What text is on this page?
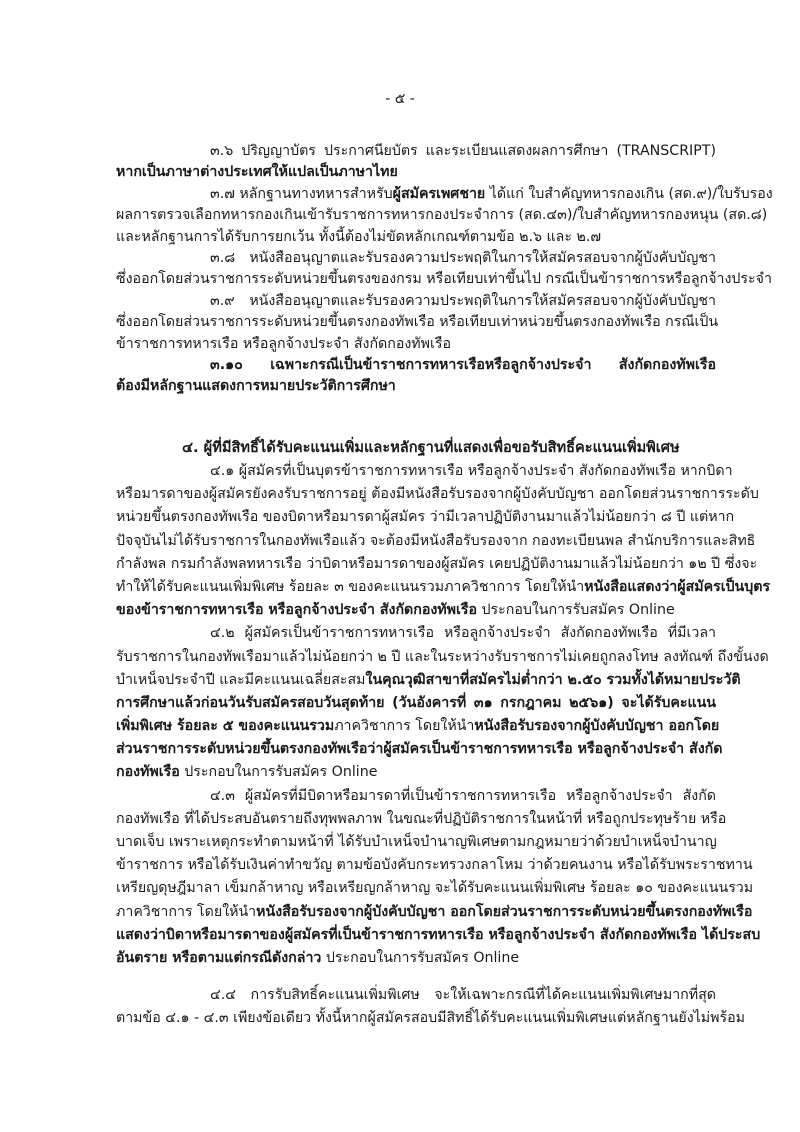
- ๕ -
๓.๖ ปริญญาบัตร ประกาศนียบัตร และระเบียนแสดงผลการศึกษา (TRANSCRIPT)
หากเป็นภาษาต่างประเทศให้แปลเป็นภาษาไทย
๓.๗ หลักฐานทางทหารสำหรับผู้สมัครเพศชาย ได้แก่ ใบสำคัญทหารกองเกิน (สด.๙)/ใบรับรอง
ผลการตรวจเลือกทหารกองเกินเข้ารับราชการทหารกองประจำการ (สด.๔๓)/ใบสำคัญทหารกองหนุน (สด.๘)
และหลักฐานการได้รับการยกเว้น ทั้งนี้ต้องไม่ขัดหลักเกณฑ์ตามข้อ ๒.๖ และ ๒.๗
๓.๘ หนังสืออนุญาตและรับรองความประพฤติในการให้สมัครสอบจากผู้บังคับบัญชา
ซึ่งออกโดยส่วนราชการระดับหน่วยขึ้นตรงของกรม หรือเทียบเท่าขึ้นไป กรณีเป็นข้าราชการหรือลูกจ้างประจำ
๓.๙ หนังสืออนุญาตและรับรองความประพฤติในการให้สมัครสอบจากผู้บังคับบัญชา
ซึ่งออกโดยส่วนราชการระดับหน่วยขึ้นตรงกองทัพเรือ หรือเทียบเท่าหน่วยขึ้นตรงกองทัพเรือ กรณีเป็น
ข้าราชการทหารเรือ หรือลูกจ้างประจำ สังกัดกองทัพเรือ
๓.๑๐ เฉพาะกรณีเป็นข้าราชการทหารเรือหรือลูกจ้างประจำ สังกัดกองทัพเรือ
ต้องมีหลักฐานแสดงการหมายประวัติการศึกษา
๔. ผู้ที่มีสิทธิ์ได้รับคะแนนเพิ่มและหลักฐานที่แสดงเพื่อขอรับสิทธิ์คะแนนเพิ่มพิเศษ
๔.๑ ผู้สมัครที่เป็นบุตรข้าราชการทหารเรือ หรือลูกจ้างประจำ สังกัดกองทัพเรือ หากบิดา
หรือมารดาของผู้สมัครยังคงรับราชการอยู่ ต้องมีหนังสือรับรองจากผู้บังคับบัญชา ออกโดยส่วนราชการระดับ
หน่วยขึ้นตรงกองทัพเรือ ของบิดาหรือมารดาผู้สมัคร ว่ามีเวลาปฏิบัติงานมาแล้วไม่น้อยกว่า ๘ ปี แต่หาก
ปัจจุบันไม่ได้รับราชการในกองทัพเรือแล้ว จะต้องมีหนังสือรับรองจาก กองทะเบียนพล สำนักบริการและสิทธิ
กำลังพล กรมกำลังพลทหารเรือ ว่าบิดาหรือมารดาของผู้สมัคร เคยปฏิบัติงานมาแล้วไม่น้อยกว่า ๑๒ ปี ซึ่งจะ
ทำให้ได้รับคะแนนเพิ่มพิเศษ ร้อยละ ๓ ของคะแนนรวมภาควิชาการ โดยให้นำหนังสือแสดงว่าผู้สมัครเป็นบุตร
ของข้าราชการทหารเรือ หรือลูกจ้างประจำ สังกัดกองทัพเรือ ประกอบในการรับสมัคร Online
๔.๒ ผู้สมัครเป็นข้าราชการทหารเรือ หรือลูกจ้างประจำ สังกัดกองทัพเรือ ที่มีเวลา
รับราชการในกองทัพเรือมาแล้วไม่น้อยกว่า ๒ ปี และในระหว่างรับราชการไม่เคยถูกลงโทษ ลงทัณฑ์ ถึงขั้นงด
บำเหน็จประจำปี และมีคะแนนเฉลี่ยสะสมในคุณวุฒิสาขาที่สมัครไม่ต่ำกว่า ๒.๕๐ รวมทั้งได้หมายประวัติ
การศึกษาแล้วก่อนวันรับสมัครสอบวันสุดท้าย (วันอังคารที่ ๓๑ กรกฎาคม ๒๕๖๑) จะได้รับคะแนน
เพิ่มพิเศษ ร้อยละ ๕ ของคะแนนรวมภาควิชาการ โดยให้นำหนังสือรับรองจากผู้บังคับบัญชา ออกโดย
ส่วนราชการระดับหน่วยขึ้นตรงกองทัพเรือว่าผู้สมัครเป็นข้าราชการทหารเรือ หรือลูกจ้างประจำ สังกัด
กองทัพเรือ ประกอบในการรับสมัคร Online
๔.๓ ผู้สมัครที่มีบิดาหรือมารดาที่เป็นข้าราชการทหารเรือ หรือลูกจ้างประจำ สังกัด
กองทัพเรือ ที่ได้ประสบอันตรายถึงทุพพลภาพ ในขณะที่ปฏิบัติราชการในหน้าที่ หรือถูกประทุษร้าย หรือ
บาดเจ็บ เพราะเหตุกระทำตามหน้าที่ ได้รับบำเหน็จบำนาญพิเศษตามกฎหมายว่าด้วยบำเหน็จบำนาญ
ข้าราชการ หรือได้รับเงินค่าทำขวัญ ตามข้อบังคับกระทรวงกลาโหม ว่าด้วยคนงาน หรือได้รับพระราชทาน
เหรียญดุษฎีมาลา เข็มกล้าหาญ หรือเหรียญกล้าหาญ จะได้รับคะแนนเพิ่มพิเศษ ร้อยละ ๑๐ ของคะแนนรวม
ภาควิชาการ โดยให้นำหนังสือรับรองจากผู้บังคับบัญชา ออกโดยส่วนราชการระดับหน่วยขึ้นตรงกองทัพเรือ
แสดงว่าบิดาหรือมารดาของผู้สมัครที่เป็นข้าราชการทหารเรือ หรือลูกจ้างประจำ สังกัดกองทัพเรือ ได้ประสบ
อันตราย หรือตามแต่กรณีดังกล่าว ประกอบในการรับสมัคร Online
๔.๔ การรับสิทธิ์คะแนนเพิ่มพิเศษ จะให้เฉพาะกรณีที่ได้คะแนนเพิ่มพิเศษมากที่สุด
ตามข้อ ๔.๑ - ๔.๓ เพียงข้อเดียว ทั้งนี้หากผู้สมัครสอบมีสิทธิ์ได้รับคะแนนเพิ่มพิเศษแต่หลักฐานยังไม่พร้อม
